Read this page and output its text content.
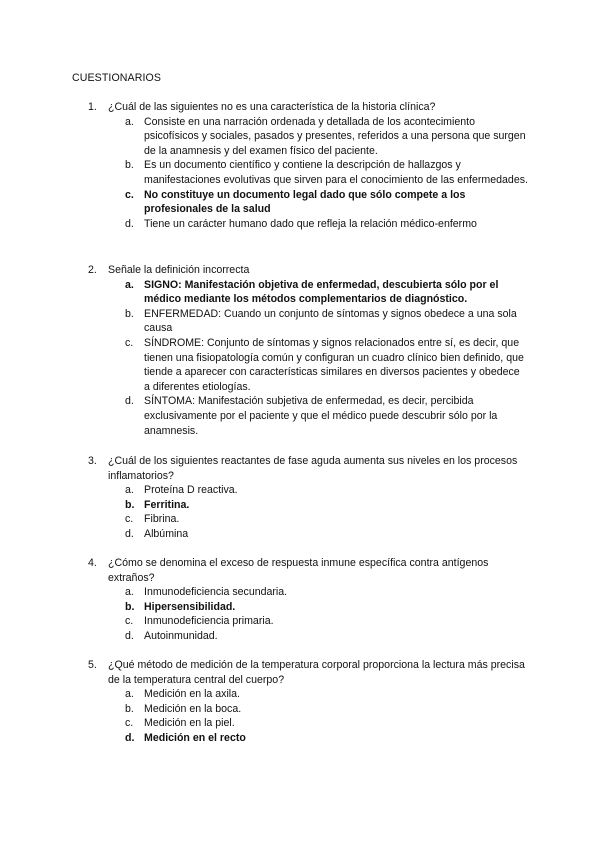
CUESTIONARIOS
1.	¿Cuál de las siguientes no es una característica de la historia clínica?
a. Consiste en una narración ordenada y detallada de los acontecimiento psicofísicos y sociales, pasados y presentes, referidos a una persona que surgen de la anamnesis y del examen físico del paciente.
b. Es un documento científico y contiene la descripción de hallazgos y manifestaciones evolutivas que sirven para el conocimiento de las enfermedades.
c. No constituye un documento legal dado que sólo compete a los profesionales de la salud
d. Tiene un carácter humano dado que refleja la relación médico-enfermo
2.	Señale la definición incorrecta
a. SIGNO: Manifestación objetiva de enfermedad, descubierta sólo por el médico mediante los métodos complementarios de diagnóstico.
b. ENFERMEDAD: Cuando un conjunto de síntomas y signos obedece a una sola causa
c. SÍNDROME: Conjunto de síntomas y signos relacionados entre sí, es decir, que tienen una fisiopatología común y configuran un cuadro clínico bien definido, que tiende a aparecer con características similares en diversos pacientes y obedece a diferentes etiologías.
d. SÍNTOMA: Manifestación subjetiva de enfermedad, es decir, percibida exclusivamente por el paciente y que el médico puede descubrir sólo por la anamnesis.
3.	¿Cuál de los siguientes reactantes de fase aguda aumenta sus niveles en los procesos inflamatorios?
a. Proteína D reactiva.
b. Ferritina.
c. Fibrina.
d. Albúmina
4.	¿Cómo se denomina el exceso de respuesta inmune específica contra antígenos extraños?
a. Inmunodeficiencia secundaria.
b. Hipersensibilidad.
c. Inmunodeficiencia primaria.
d. Autoinmunidad.
5.	¿Qué método de medición de la temperatura corporal proporciona la lectura más precisa de la temperatura central del cuerpo?
a. Medición en la axila.
b. Medición en la boca.
c. Medición en la piel.
d. Medición en el recto
